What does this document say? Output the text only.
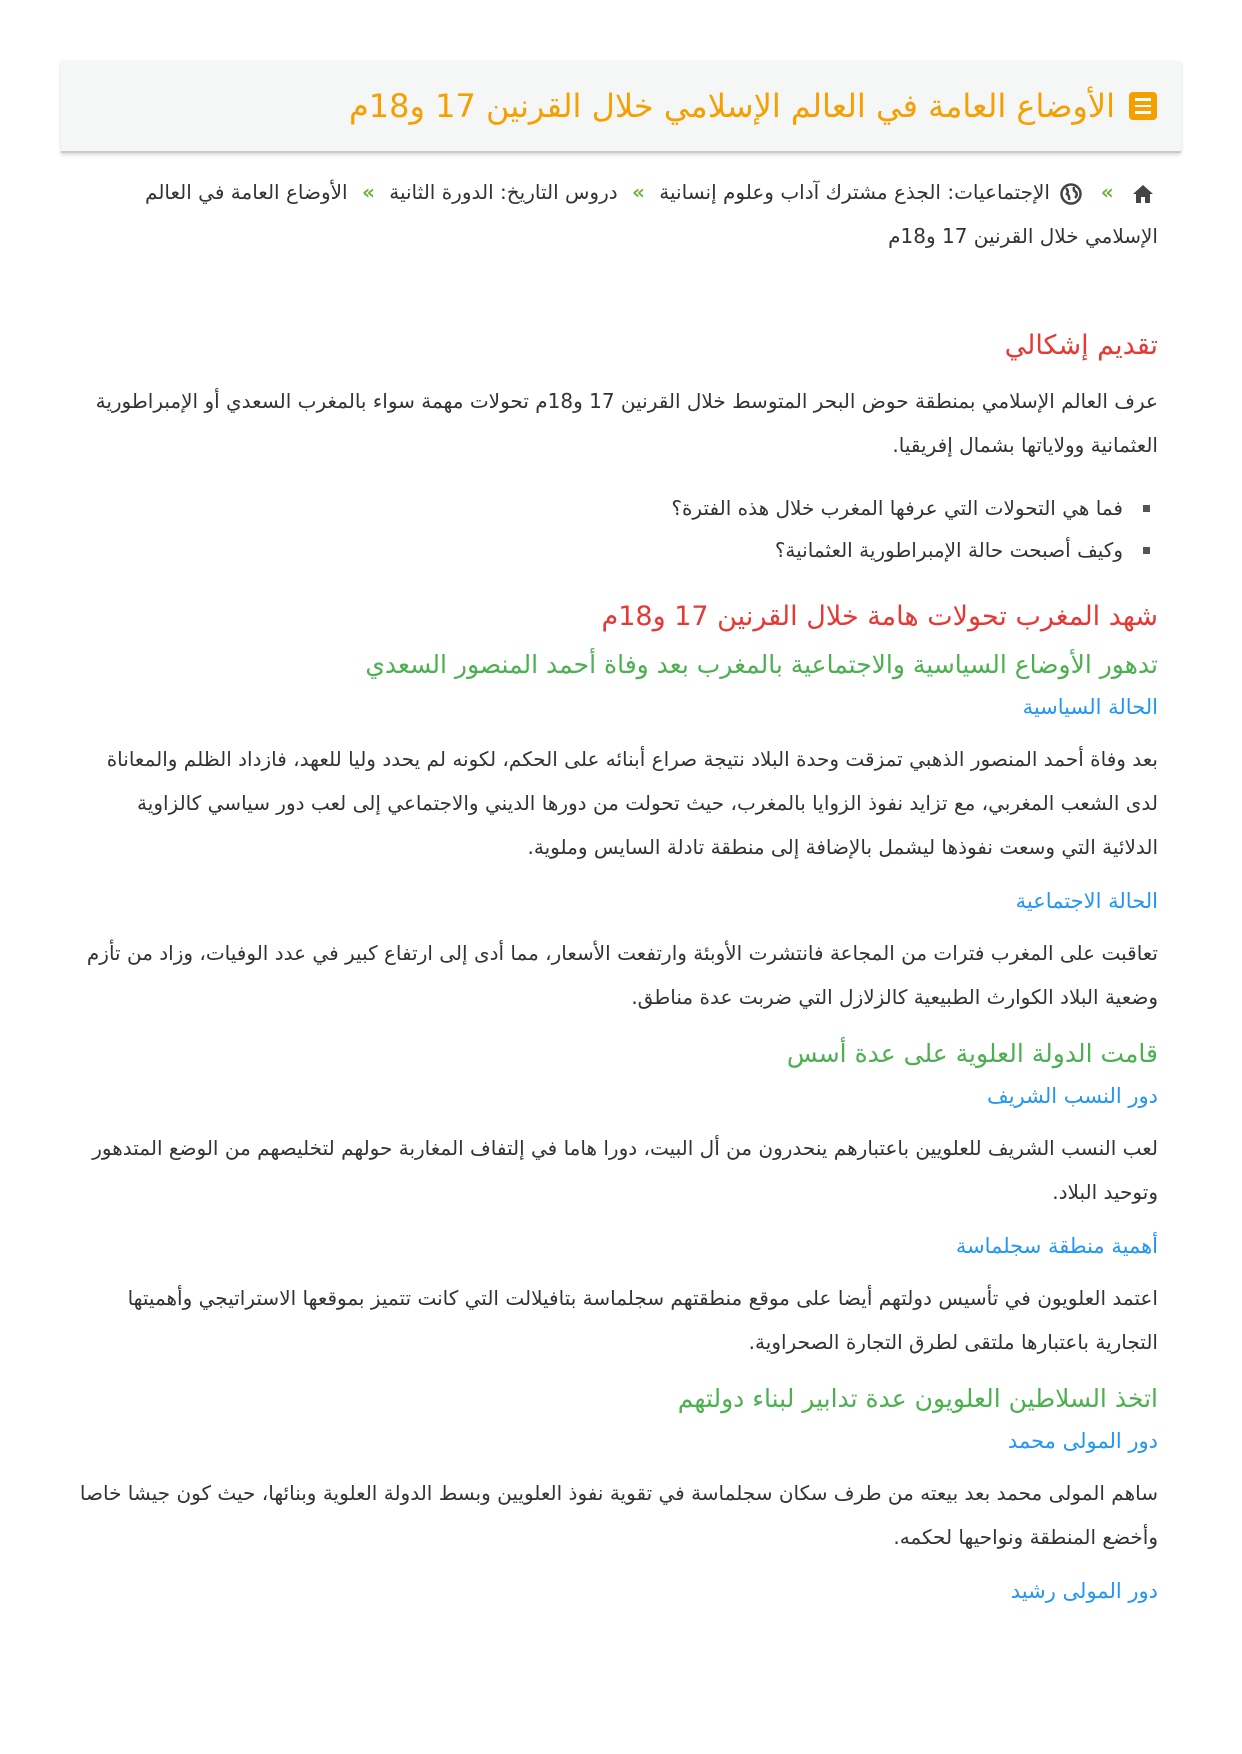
الأوضاع العامة في العالم الإسلامي خلال القرنين 17 و18م
»  الإجتماعيات: الجذع مشترك آداب وعلوم إنسانية » دروس التاريخ: الدورة الثانية » الأوضاع العامة في العالم الإسلامي خلال القرنين 17 و18م
تقديم إشكالي

عرف العالم الإسلامي بمنطقة حوض البحر المتوسط خلال القرنين 17 و18م تحولات مهمة سواء بالمغرب السعدي أو الإمبراطورية العثمانية وولاياتها بشمال إفريقيا.

فما هي التحولات التي عرفها المغرب خلال هذه الفترة؟
وكيف أصبحت حالة الإمبراطورية العثمانية؟
شهد المغرب تحولات هامة خلال القرنين 17 و18م
تدهور الأوضاع السياسية والاجتماعية بالمغرب بعد وفاة أحمد المنصور السعدي
الحالة السياسية

بعد وفاة أحمد المنصور الذهبي تمزقت وحدة البلاد نتيجة صراع أبنائه على الحكم، لكونه لم يحدد وليا للعهد، فازداد الظلم والمعاناة لدى الشعب المغربي، مع تزايد نفوذ الزوايا بالمغرب، حيث تحولت من دورها الديني والاجتماعي إلى لعب دور سياسي كالزاوية الدلائية التي وسعت نفوذها ليشمل بالإضافة إلى منطقة تادلة السايس وملوية.

الحالة الاجتماعية

تعاقبت على المغرب فترات من المجاعة فانتشرت الأوبئة وارتفعت الأسعار، مما أدى إلى ارتفاع كبير في عدد الوفيات، وزاد من تأزم وضعية البلاد الكوارث الطبيعية كالزلازل التي ضربت عدة مناطق.

قامت الدولة العلوية على عدة أسس
دور النسب الشريف

لعب النسب الشريف للعلويين باعتبارهم ينحدرون من أل البيت، دورا هاما في إلتفاف المغاربة حولهم لتخليصهم من الوضع المتدهور وتوحيد البلاد.

أهمية منطقة سجلماسة

اعتمد العلويون في تأسيس دولتهم أيضا على موقع منطقتهم سجلماسة بتافيلالت التي كانت تتميز بموقعها الاستراتيجي وأهميتها التجارية باعتبارها ملتقى لطرق التجارة الصحراوية.

اتخذ السلاطين العلويون عدة تدابير لبناء دولتهم
دور المولى محمد

ساهم المولى محمد بعد بيعته من طرف سكان سجلماسة في تقوية نفوذ العلويين وبسط الدولة العلوية وبنائها، حيث كون جيشا خاصا وأخضع المنطقة ونواحيها لحكمه.

دور المولى رشيد
